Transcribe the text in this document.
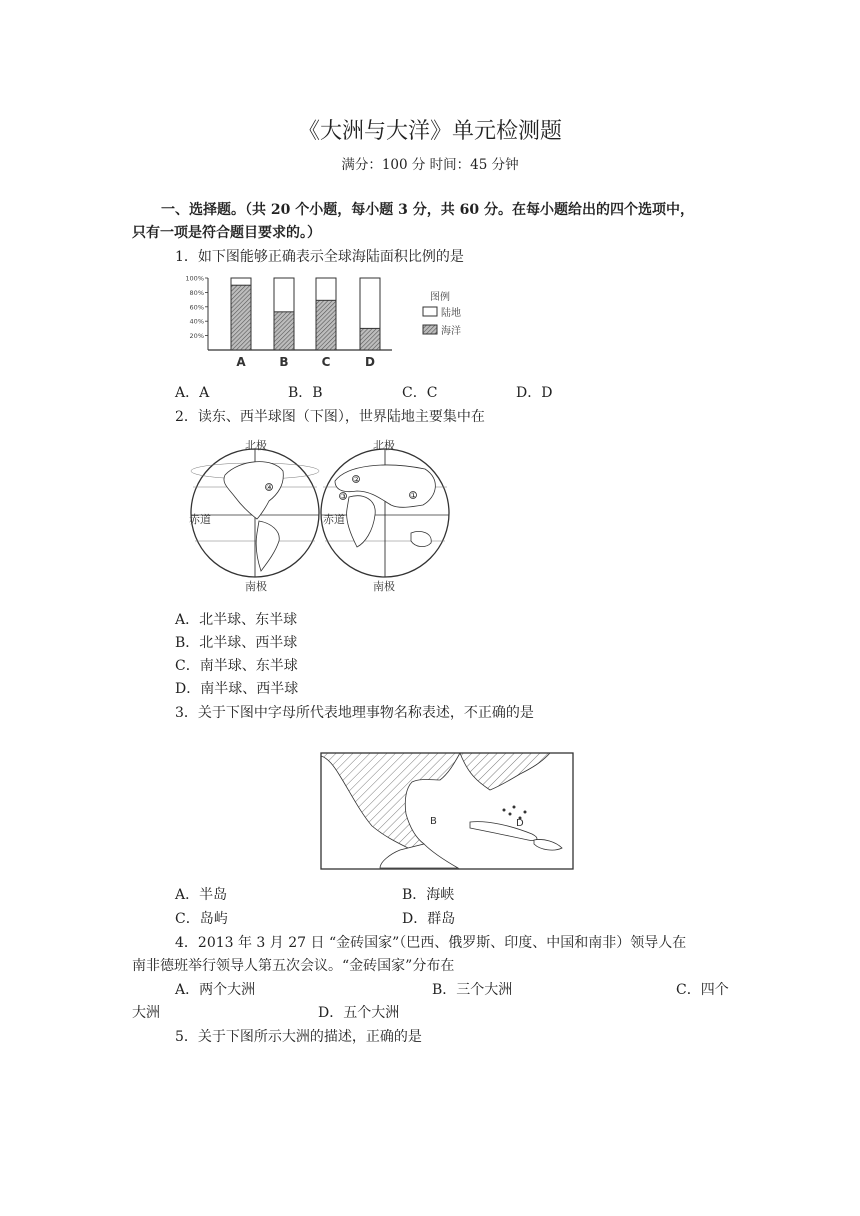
《大洲与大洋》单元检测题
满分：100 分 时间：45 分钟
一、选择题。（共 20 个小题，每小题 3 分，共 60 分。在每小题给出的四个选项中，
只有一项是符合题目要求的。）
1．如下图能够正确表示全球海陆面积比例的是
100%
80%
60%
40%
20%
A	B	C	D
图例
陆地
海洋
A．A	B．B	C．C	D．D
2．读东、西半球图（下图），世界陆地主要集中在
④
②
③	①
北极	北极
赤道	赤道
南极	南极
A．北半球、东半球
B．北半球、西半球
C．南半球、东半球
D．南半球、西半球
3．关于下图中字母所代表地理事物名称表述，不正确的是
B	D
A．半岛	B．海峡
C．岛屿	D．群岛
4．2013 年 3 月 27 日 “金砖国家”（巴西、俄罗斯、印度、中国和南非）领导人在
南非德班举行领导人第五次会议。“金砖国家”分布在
A．两个大洲	B．三个大洲	C．四个
大洲	D．五个大洲
5．关于下图所示大洲的描述，正确的是
